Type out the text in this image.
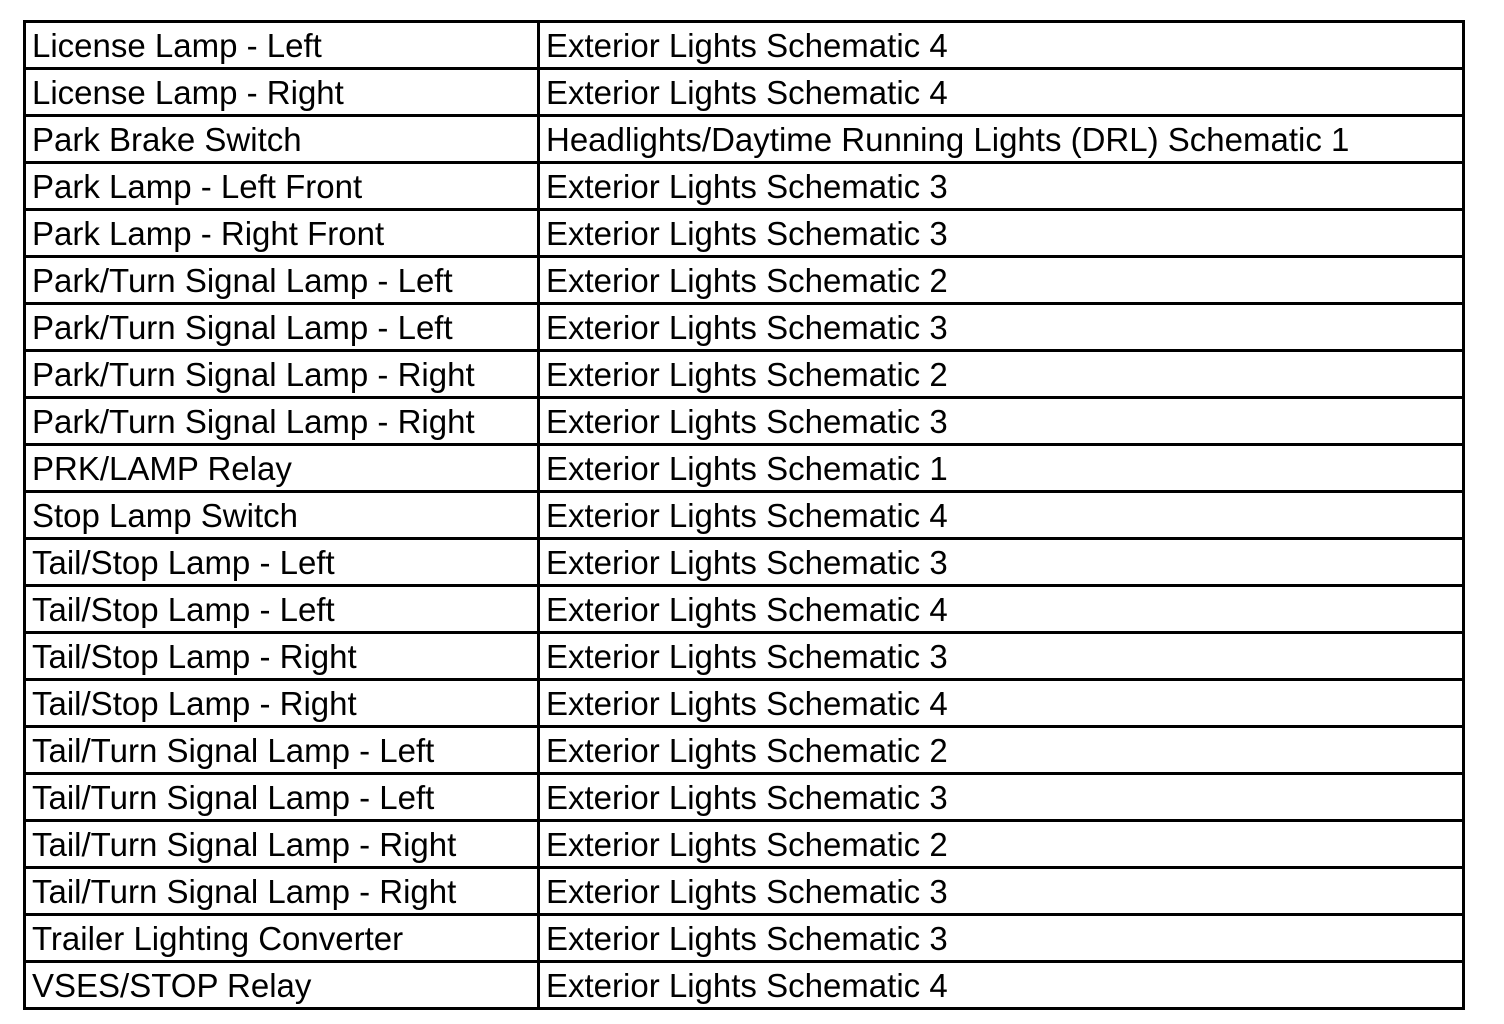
License Lamp - Left	Exterior Lights Schematic 4
License Lamp - Right	Exterior Lights Schematic 4
Park Brake Switch	Headlights/Daytime Running Lights (DRL) Schematic 1
Park Lamp - Left Front	Exterior Lights Schematic 3
Park Lamp - Right Front	Exterior Lights Schematic 3
Park/Turn Signal Lamp - Left	Exterior Lights Schematic 2
Park/Turn Signal Lamp - Left	Exterior Lights Schematic 3
Park/Turn Signal Lamp - Right	Exterior Lights Schematic 2
Park/Turn Signal Lamp - Right	Exterior Lights Schematic 3
PRK/LAMP Relay	Exterior Lights Schematic 1
Stop Lamp Switch	Exterior Lights Schematic 4
Tail/Stop Lamp - Left	Exterior Lights Schematic 3
Tail/Stop Lamp - Left	Exterior Lights Schematic 4
Tail/Stop Lamp - Right	Exterior Lights Schematic 3
Tail/Stop Lamp - Right	Exterior Lights Schematic 4
Tail/Turn Signal Lamp - Left	Exterior Lights Schematic 2
Tail/Turn Signal Lamp - Left	Exterior Lights Schematic 3
Tail/Turn Signal Lamp - Right	Exterior Lights Schematic 2
Tail/Turn Signal Lamp - Right	Exterior Lights Schematic 3
Trailer Lighting Converter	Exterior Lights Schematic 3
VSES/STOP Relay	Exterior Lights Schematic 4
